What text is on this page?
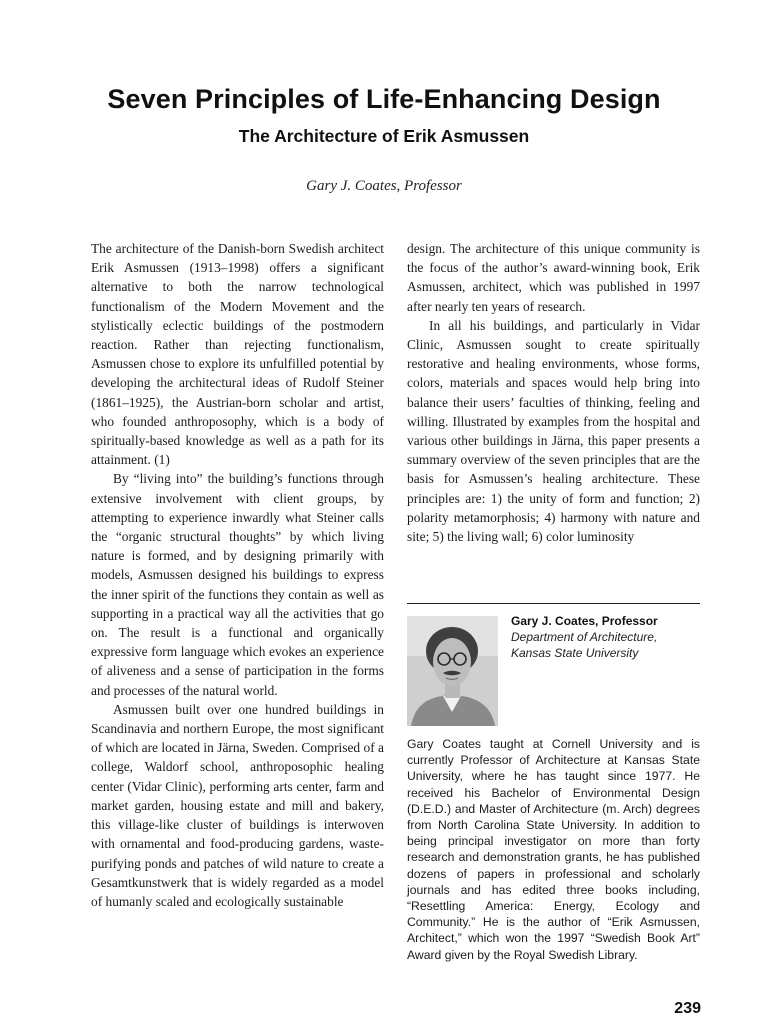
Seven Principles of Life-Enhancing Design
The Architecture of Erik Asmussen
Gary J. Coates, Professor

The architecture of the Danish-born Swedish architect Erik Asmussen (1913–1998) offers a significant alternative to both the narrow technological functionalism of the Modern Movement and the stylistically eclectic buildings of the postmodern reaction. Rather than rejecting functionalism, Asmussen chose to explore its unfulfilled potential by developing the architectural ideas of Rudolf Steiner (1861–1925), the Austrian-born scholar and artist, who founded anthroposophy, which is a body of spiritually-based knowledge as well as a path for its attainment. (1)

By “living into” the building’s functions through extensive involvement with client groups, by attempting to experience inwardly what Steiner calls the “organic structural thoughts” by which living nature is formed, and by designing primarily with models, Asmussen designed his buildings to express the inner spirit of the functions they contain as well as supporting in a practical way all the activities that go on. The result is a functional and organically expressive form language which evokes an experience of aliveness and a sense of participation in the forms and processes of the natural world.

Asmussen built over one hundred buildings in Scandinavia and northern Europe, the most significant of which are located in Järna, Sweden. Comprised of a college, Waldorf school, anthroposophic healing center (Vidar Clinic), performing arts center, farm and market garden, housing estate and mill and bakery, this village-like cluster of buildings is interwoven with ornamental and food-producing gardens, waste-purifying ponds and patches of wild nature to create a Gesamtkunstwerk that is widely regarded as a model of humanly scaled and ecologically sustainable

design. The architecture of this unique community is the focus of the author’s award-winning book, Erik Asmussen, architect, which was published in 1997 after nearly ten years of research.

In all his buildings, and particularly in Vidar Clinic, Asmussen sought to create spiritually restorative and healing environments, whose forms, colors, materials and spaces would help bring into balance their users’ faculties of thinking, feeling and willing. Illustrated by examples from the hospital and various other buildings in Järna, this paper presents a summary overview of the seven principles that are the basis for Asmussen’s healing architecture. These principles are: 1) the unity of form and function; 2) polarity metamorphosis; 4) harmony with nature and site; 5) the living wall; 6) color luminosity

Gary J. Coates, Professor
Department of Architecture,
Kansas State University
Gary Coates taught at Cornell University and is currently Professor of Architecture at Kansas State University, where he has taught since 1977. He received his Bachelor of Environmental Design (D.E.D.) and Master of Architecture (m. Arch) degrees from North Carolina State University. In addition to being principal investigator on more than forty research and demonstration grants, he has published dozens of papers in professional and scholarly journals and has edited three books including, “Resettling America: Energy, Ecology and Community.” He is the author of “Erik Asmussen, Architect,” which won the 1997 “Swedish Book Art” Award given by the Royal Swedish Library.
239
